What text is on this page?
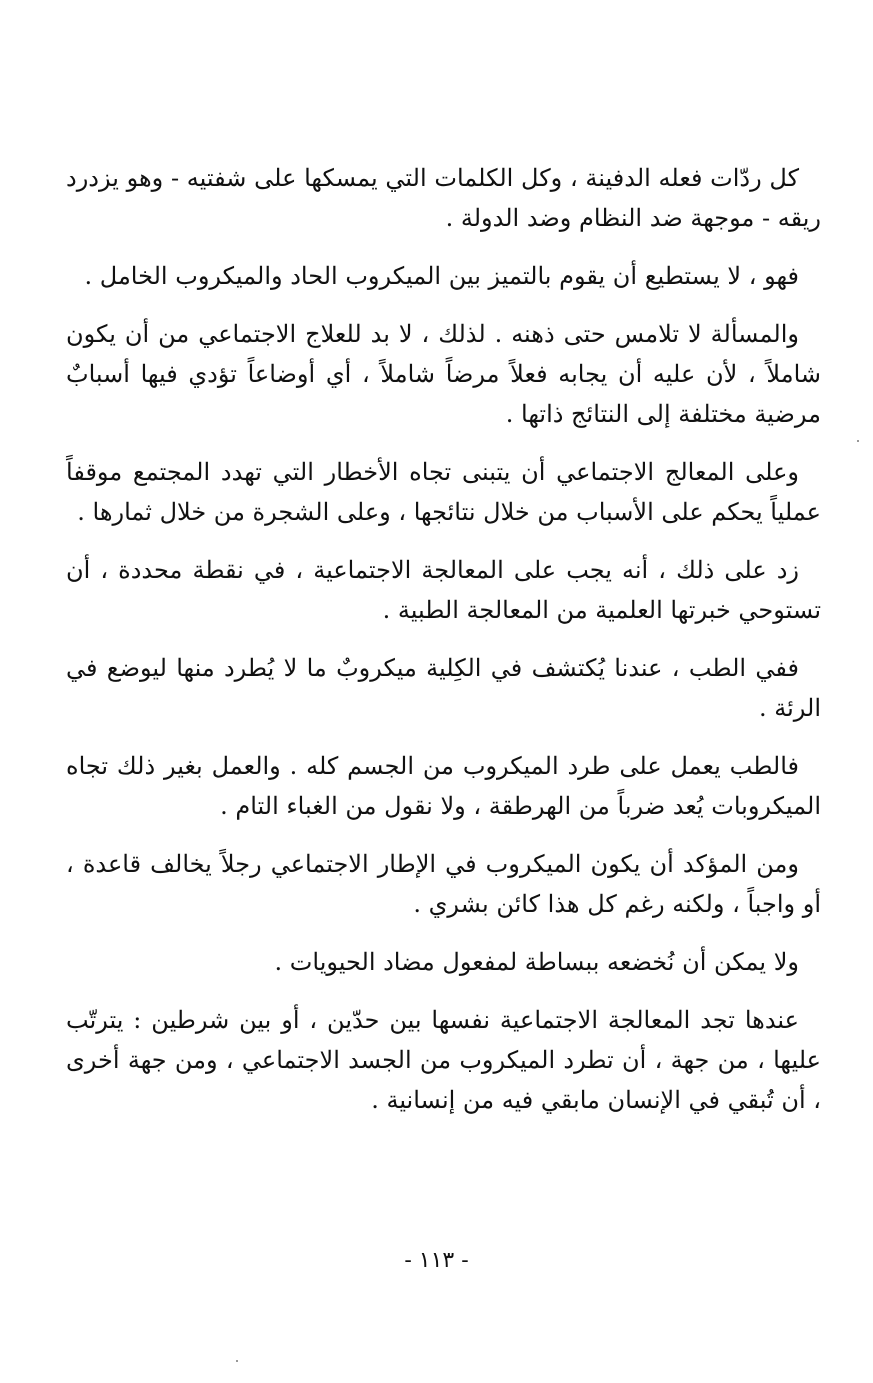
كل ردّات فعله الدفينة ، وكل الكلمات التي يمسكها على شفتيه - وهو يزدرد ريقه - موجهة ضد النظام وضد الدولة .

فهو ، لا يستطيع أن يقوم بالتميز بين الميكروب الحاد والميكروب الخامل .

والمسألة لا تلامس حتى ذهنه . لذلك ، لا بد للعلاج الاجتماعي من أن يكون شاملاً ، لأن عليه أن يجابه فعلاً مرضاً شاملاً ، أي أوضاعاً تؤدي فيها أسبابٌ مرضية مختلفة إلى النتائج ذاتها .

وعلى المعالج الاجتماعي أن يتبنى تجاه الأخطار التي تهدد المجتمع موقفاً عملياً يحكم على الأسباب من خلال نتائجها ، وعلى الشجرة من خلال ثمارها .

زد على ذلك ، أنه يجب على المعالجة الاجتماعية ، في نقطة محددة ، أن تستوحي خبرتها العلمية من المعالجة الطبية .

ففي الطب ، عندنا يُكتشف في الكِلية ميكروبٌ ما لا يُطرد منها ليوضع في الرئة .

فالطب يعمل على طرد الميكروب من الجسم كله . والعمل بغير ذلك تجاه الميكروبات يُعد ضرباً من الهرطقة ، ولا نقول من الغباء التام .

ومن المؤكد أن يكون الميكروب في الإطار الاجتماعي رجلاً يخالف قاعدة ، أو واجباً ، ولكنه رغم كل هذا كائن بشري .

ولا يمكن أن نُخضعه ببساطة لمفعول مضاد الحيويات .

عندها تجد المعالجة الاجتماعية نفسها بين حدّين ، أو بين شرطين : يترتّب عليها ، من جهة ، أن تطرد الميكروب من الجسد الاجتماعي ، ومن جهة أخرى ، أن تُبقي في الإنسان مابقي فيه من إنسانية .

- ١١٣ -
